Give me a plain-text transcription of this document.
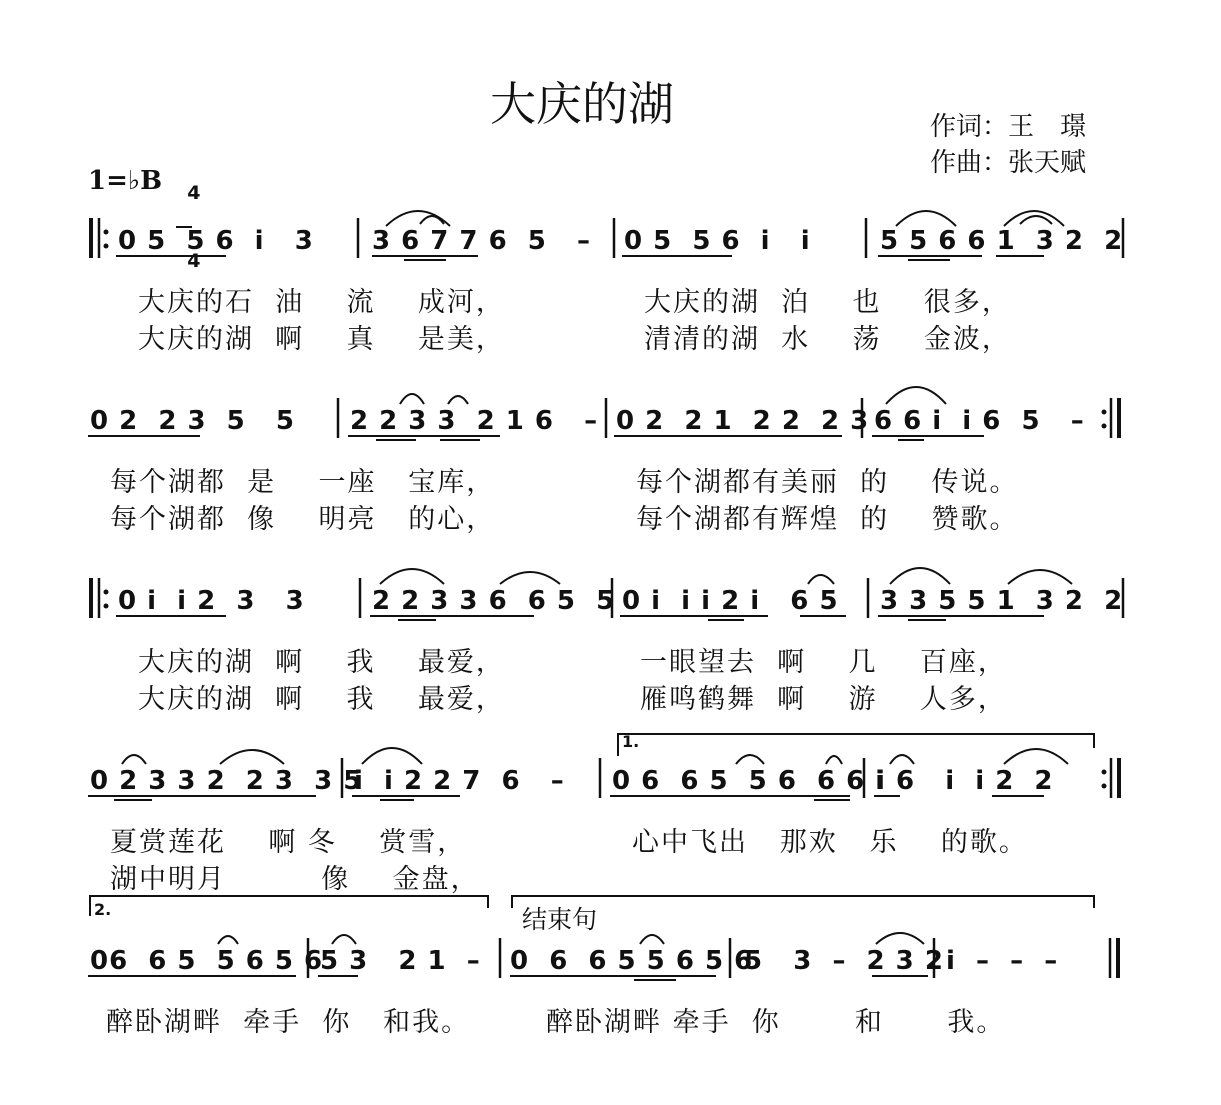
大庆的湖	作词：王　璟
作曲：张天赋
1=♭B	4

4

0 5  5 6  i   3 3 6 7 7 6  5   – 0 5  5 6  i   i	5 5 6 6 1  3 2  2
大庆的石  油    流    成河，	大庆的湖  泊    也    很多，
大庆的湖  啊    真    是美，	清清的湖  水    荡    金波，
0 2  2 3  5   5 2 2 3 3  2 1 6   – 0 2  2 1  2 2  2 3 6 6 i  i 6  5   –
每个湖都  是    一座   宝库，	每个湖都有美丽  的    传说。
每个湖都  像    明亮   的心，	每个湖都有辉煌  的    赞歌。
0 i  i 2  3   3	2 2 3 3 6  6 5  5 0 i  i i 2 i   6 5 3 3 5 5 1  3 2  2
大庆的湖  啊    我    最爱，	一眼望去  啊    几    百座，
大庆的湖  啊    我    最爱，	雁鸣鹤舞  啊    游    人多，
1.
0 2 3 3 2  2 3  3 5
i  i 2 2 7  6   – 0 6  6 5  5 6  6 6 i
i 6   i  i 2  2
夏赏莲花    啊 冬    赏雪，	心中飞出   那欢   乐    的歌。
湖中明月         像    金盘，
2.	结束句
06  6 5  5 6 5 6
5 3   2 1  – 0  6  6 5 5 6 5 6
5   3  –  2 3 2 i  –  –  –
醉卧湖畔  牵手  你   和我。	醉卧湖畔 牵手  你       和      我。
